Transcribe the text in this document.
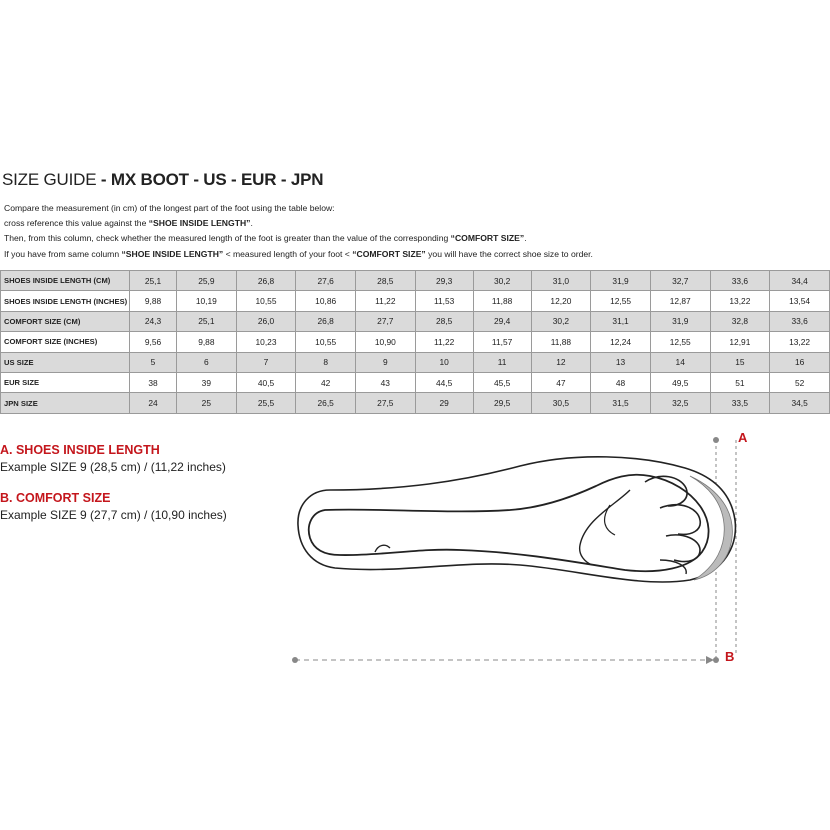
SIZE GUIDE - MX BOOT - US - EUR - JPN

Compare the measurement (in cm) of the longest part of the foot using the table below:

cross reference this value against the “SHOE INSIDE LENGTH”.

Then, from this column, check whether the measured length of the foot is greater than the value of the corresponding “COMFORT SIZE”.

If you have from same column “SHOE INSIDE LENGTH” < measured length of your foot < “COMFORT SIZE” you will have the correct shoe size to order.

SHOES INSIDE LENGTH (CM)	25,1	25,9	26,8	27,6	28,5	29,3	30,2	31,0	31,9	32,7	33,6	34,4
SHOES INSIDE LENGTH (INCHES)	9,88	10,19	10,55	10,86	11,22	11,53	11,88	12,20	12,55	12,87	13,22	13,54
COMFORT SIZE (CM)	24,3	25,1	26,0	26,8	27,7	28,5	29,4	30,2	31,1	31,9	32,8	33,6
COMFORT SIZE (INCHES)	9,56	9,88	10,23	10,55	10,90	11,22	11,57	11,88	12,24	12,55	12,91	13,22
US SIZE	5	6	7	8	9	10	11	12	13	14	15	16
EUR SIZE	38	39	40,5	42	43	44,5	45,5	47	48	49,5	51	52
JPN SIZE	24	25	25,5	26,5	27,5	29	29,5	30,5	31,5	32,5	33,5	34,5
A. SHOES INSIDE LENGTH
Example SIZE 9 (28,5 cm) / (11,22 inches)
B. COMFORT SIZE
Example SIZE 9 (27,7 cm) / (10,90 inches)
A
B
